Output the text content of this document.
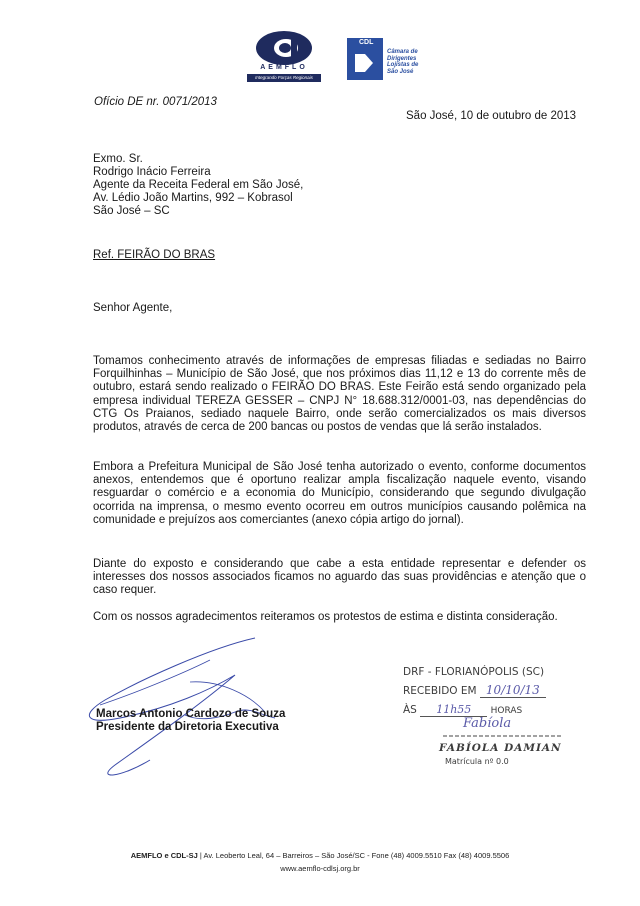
AEMFLO
Integrando Forças Regionais
CDL
Câmara de
Dirigentes
Lojistas de
São José
Ofício DE nr. 0071/2013
São José, 10 de outubro de 2013
Exmo. Sr.
Rodrigo Inácio Ferreira
Agente da Receita Federal em São José,
Av. Lédio João Martins, 992 – Kobrasol
São José – SC
Ref. FEIRÃO DO BRAS
Senhor Agente,
Tomamos conhecimento através de informações de empresas filiadas e sediadas no Bairro Forquilhinhas – Município de São José, que nos próximos dias 11,12 e 13 do corrente mês de outubro, estará sendo realizado o FEIRÃO DO BRAS. Este Feirão está sendo organizado pela empresa individual TEREZA GESSER – CNPJ N° 18.688.312/0001-03, nas dependências do CTG Os Praianos, sediado naquele Bairro, onde serão comercializados os mais diversos produtos, através de cerca de 200 bancas ou postos de vendas que lá serão instalados.
Embora a Prefeitura Municipal de São José tenha autorizado o evento, conforme documentos anexos, entendemos que é oportuno realizar ampla fiscalização naquele evento, visando resguardar o comércio e a economia do Município, considerando que segundo divulgação ocorrida na imprensa, o mesmo evento ocorreu em outros municípios causando polêmica na comunidade e prejuízos aos comerciantes (anexo cópia artigo do jornal).
Diante do exposto e considerando que cabe a esta entidade representar e defender os interesses dos nossos associados ficamos no aguardo das suas providências e atenção que o caso requer.
Com os nossos agradecimentos reiteramos os protestos de estima e distinta consideração.
Marcos Antonio Cardozo de Souza
Presidente da Diretoria Executiva
DRF - FLORIANÓPOLIS (SC)
RECEBIDO EM 10/10/13
ÀS 11h55 HORAS
Fabíola
FABÍOLA DAMIAN
Matrícula nº 0.0
AEMFLO e CDL-SJ | Av. Leoberto Leal, 64 – Barreiros – São José/SC - Fone (48) 4009.5510 Fax (48) 4009.5506
www.aemflo-cdlsj.org.br
